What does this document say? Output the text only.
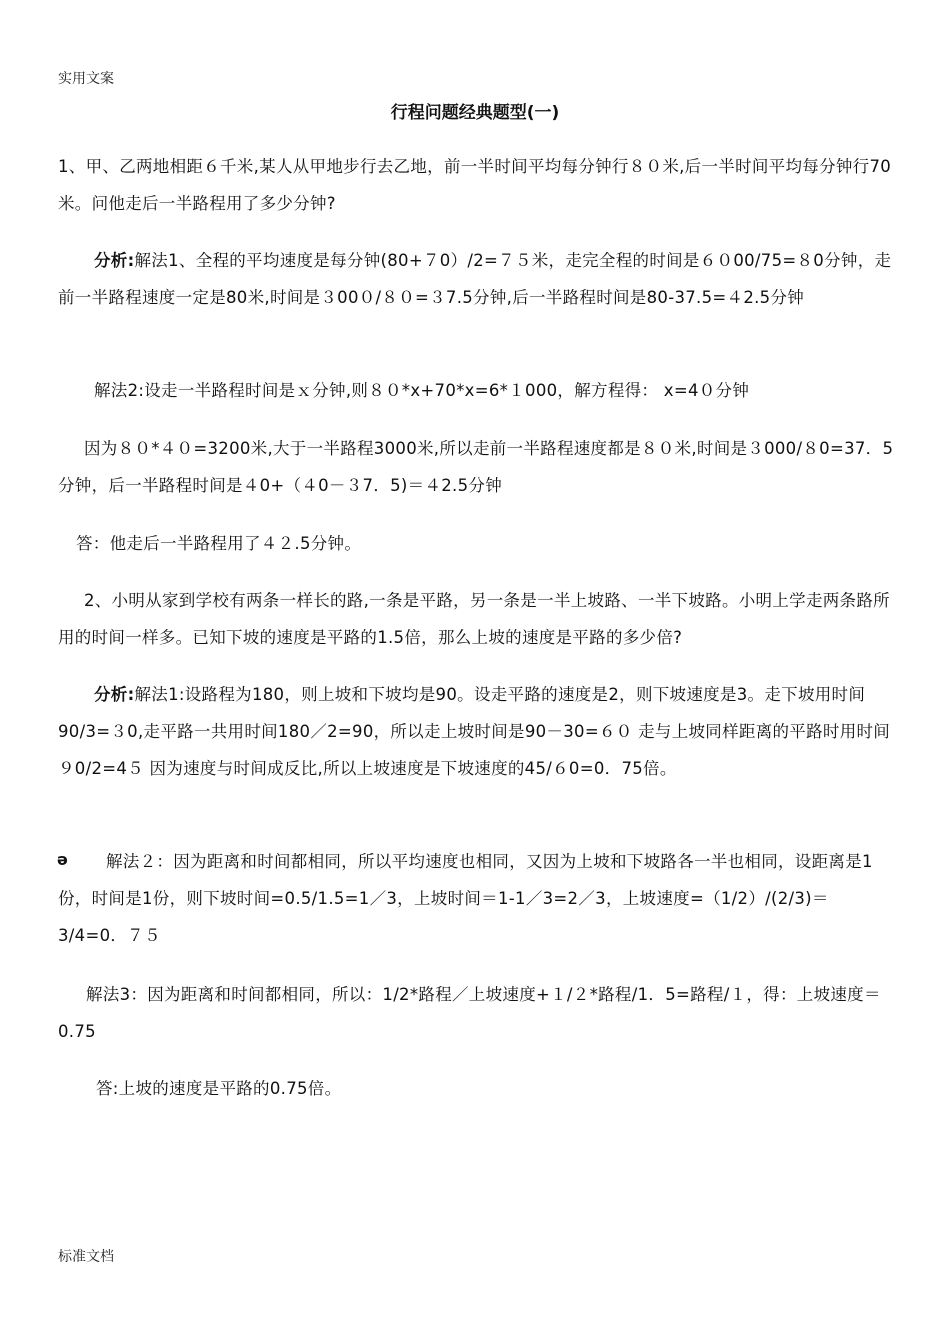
实用文案
行程问题经典题型(一)
1、甲、乙两地相距６千米,某人从甲地步行去乙地，前一半时间平均每分钟行８０米,后一半时间平均每分钟行70米。问他走后一半路程用了多少分钟?
分析:解法1、全程的平均速度是每分钟(80+７0）/2=７５米，走完全程的时间是６０00/75=８0分钟，走前一半路程速度一定是80米,时间是３00０/８０=３7.5分钟,后一半路程时间是80-37.5=４2.5分钟
解法2:设走一半路程时间是ｘ分钟,则８０*x+70*x=6*１000，解方程得： x=4０分钟
因为８０*４０=3200米,大于一半路程3000米,所以走前一半路程速度都是８０米,时间是３000/８0=37．5分钟，后一半路程时间是４0+（４0－３7．5)＝４2.5分钟
答：他走后一半路程用了４２.5分钟。
2、小明从家到学校有两条一样长的路,一条是平路，另一条是一半上坡路、一半下坡路。小明上学走两条路所用的时间一样多。已知下坡的速度是平路的1.5倍，那么上坡的速度是平路的多少倍?
分析:解法1:设路程为180，则上坡和下坡均是90。设走平路的速度是2，则下坡速度是3。走下坡用时间90/3=３0,走平路一共用时间180／2=90，所以走上坡时间是90－30=６０ 走与上坡同样距离的平路时用时间９0/2=4５ 因为速度与时间成反比,所以上坡速度是下坡速度的45/６0=0．75倍。
ә	解法２：因为距离和时间都相同，所以平均速度也相同，又因为上坡和下坡路各一半也相同，设距离是1份，时间是1份，则下坡时间=0.5/1.5=1／3，上坡时间＝1-1／3=2／3，上坡速度=（1/2）/(2/3)＝3/4=0．７５
解法3：因为距离和时间都相同，所以：1/2*路程／上坡速度+１/２*路程/1．5=路程/１，得：上坡速度＝0.75
答:上坡的速度是平路的0.75倍。
标准文档
